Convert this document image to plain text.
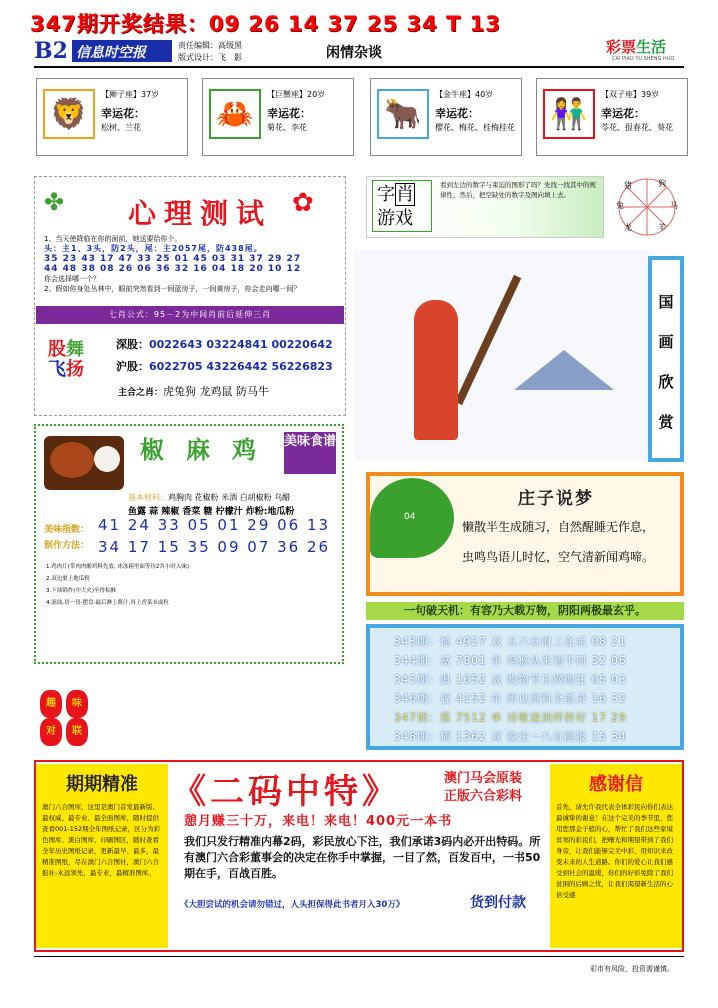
347期开奖结果：09 26 14 37 25 34 T 13
B2 信息时空报	责任编辑：高级黑
版式设计：飞　影	闲情杂谈	彩票生活
CAI PIAO YU SHENG HUO
🦁
【狮子座】37岁
幸运花：
松树、兰花	🦀
【巨蟹座】20岁
幸运花：
菊花、李花	🐂
【金牛座】40岁
幸运花：
樱花、梅花、桂梅桂花 👫
【双子座】39岁
幸运花：
苓花、报春花、葵花
✤	✿
心理测试
1、当天使降临在你的面前，她送要给你个。
头：主1、3头，防2头，尾：主2057尾，防438尾。
35 23 43 17 47 33 25 01 45 03 31 37 29 27
44 48 38 08 26 06 36 32 16 04 18 20 10 12
你会选择哪一个？
2、假如你身处丛林中，眼前突然看到一间蓝房子，一间黄房子，你会走向哪一间？
七肖公式：95－2为中间肖前后延伸三肖
股舞
飞扬
深股：0022643 03224841 00220642
沪股：6022705 43226442 56226823
主合之肖：虎兔狗 龙鸡鼠 防马牛
椒麻鸡 美味食谱
基本材料：鸡胸肉 花椒粉 米酒 白胡椒粉 乌醋
鱼露 蒜 辣椒 香菜 糖 柠檬汁 炸粉:地瓜粉
美味指数： 41 24 33 05 01 29 06 13
制作方法： 34 17 15 35 09 07 36 26
1.鸡肉片(带肉肉酿鸡料先放, 冰冻箱里面等待2各小时入味)
2.双边裹上地瓜粉
3.下油锅炸(中大火)至得棕酥
4.滤油,切一切-摆盘-最后淋上酱汁,再上香菜末或粒
趣	味
对	联
字肖
游戏
看到左边的数字与束迫的图形了吗？先找一找其中的规律性，然后，把空缺处的数字及图向填上去。
猪	狗
兔	马
龙	羊
国
画
欣
赏
04
庄子说梦
懒散半生成随习，自然醒睡无作息，
虫鸣鸟语儿时忆，空气清新闻鸡啼。
一句破天机：有容乃大载万物，阴阳两极最玄乎。
343期：惊 4927 双 五六有财三在后 08 21
344期：富 7801 单 鸡猴从来划不同 32 06
345期：俱 1652 双 购物节日网购狂 05 03
346期：貌 4152 单 所以资料全部录 16 32
347期：落 7512 单 诗歌道剑样样好 17 29
348期：横 1362 双 投注一八有回报 15 34
期期精准
澳门六合图库，这里是澳门首发最新版、最权威、最专业、最全面图库，随时提供查看001-152期全年图纸记录，区分为彩色图库、黑白图库、印刷图区，随时查看全年历史图纸记录，更新最早、最多，最精准图纸，尽在澳门六合图社，澳门六合报社-永远领先，最专业，最精准图库。
《二码中特》	澳门马会原装
正版六合彩料
憩月赚三十万，来电！来电！400元一本书
我们只发行精准内幕2码，彩民放心下注，我们承诺3码内必开出特码。所有澳门六合彩董事会的决定在你手中掌握，一目了然，百发百中，一书50期在手，百战百胜。
《大胆尝试的机会请勿错过，人头担保得此书者月入30万》	货到付款
感谢信
首先，请允许我代表全体彩民向你们表达最诚挚的谢意！在这个完美的季节里，您用您那金子般的心，帮忙了我们这些家境贫寒的彩民们，把曙光和期望带到了我们身旁，让我们能够完美中彩，用知识来改变未来的人生道路。你们的爱心让我们感受到社会的温暖，你们的好彩免除了我们贫困的后顾之忧，让我们渴望新生活的心倍受感
彩市有风险，投资需谨慎。
